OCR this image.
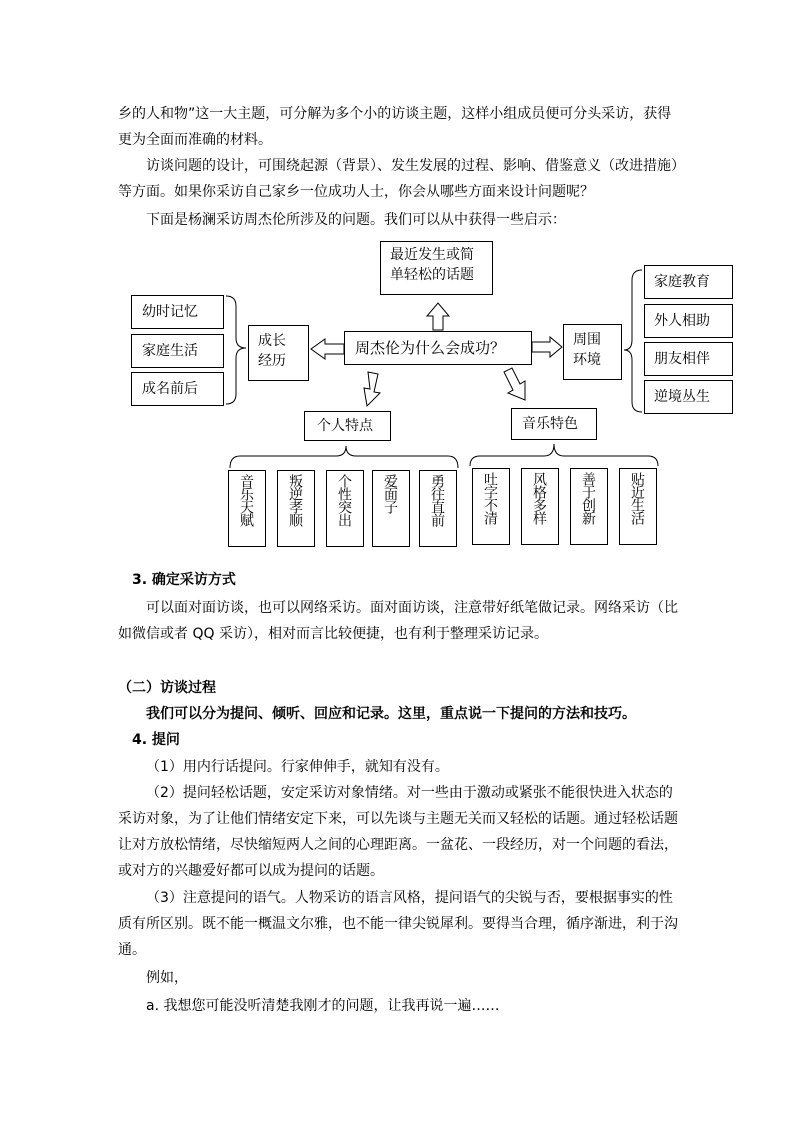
乡的人和物”这一大主题，可分解为多个小的访谈主题，这样小组成员便可分头采访，获得
更为全面而准确的材料。
访谈问题的设计，可围绕起源（背景）、发生发展的过程、影响、借鉴意义（改进措施）
等方面。如果你采访自己家乡一位成功人士，你会从哪些方面来设计问题呢？
下面是杨澜采访周杰伦所涉及的问题。我们可以从中获得一些启示：
最近发生或简
单轻松的话题
周杰伦为什么会成功？
成长
经历
幼时记忆
家庭生活
成名前后
周围
环境
家庭教育
外人相助
朋友相伴
逆境丛生
个人特点
音乐天赋	叛逆孝顺	个性突出	爱面子	勇往直前
音乐特色
吐字不清	风格多样	善于创新	贴近生活
3. 确定采访方式
可以面对面访谈，也可以网络采访。面对面访谈，注意带好纸笔做记录。网络采访（比
如微信或者 QQ 采访），相对而言比较便捷，也有利于整理采访记录。
（二）访谈过程
我们可以分为提问、倾听、回应和记录。这里，重点说一下提问的方法和技巧。
4. 提问
（1）用内行话提问。行家伸伸手，就知有没有。
（2）提问轻松话题，安定采访对象情绪。对一些由于激动或紧张不能很快进入状态的
采访对象，为了让他们情绪安定下来，可以先谈与主题无关而又轻松的话题。通过轻松话题
让对方放松情绪，尽快缩短两人之间的心理距离。一盆花、一段经历，对一个问题的看法，
或对方的兴趣爱好都可以成为提问的话题。
（3）注意提问的语气。人物采访的语言风格，提问语气的尖锐与否，要根据事实的性
质有所区别。既不能一概温文尔雅，也不能一律尖锐犀利。要得当合理，循序渐进，利于沟
通。
例如，
a. 我想您可能没听清楚我刚才的问题，让我再说一遍……
